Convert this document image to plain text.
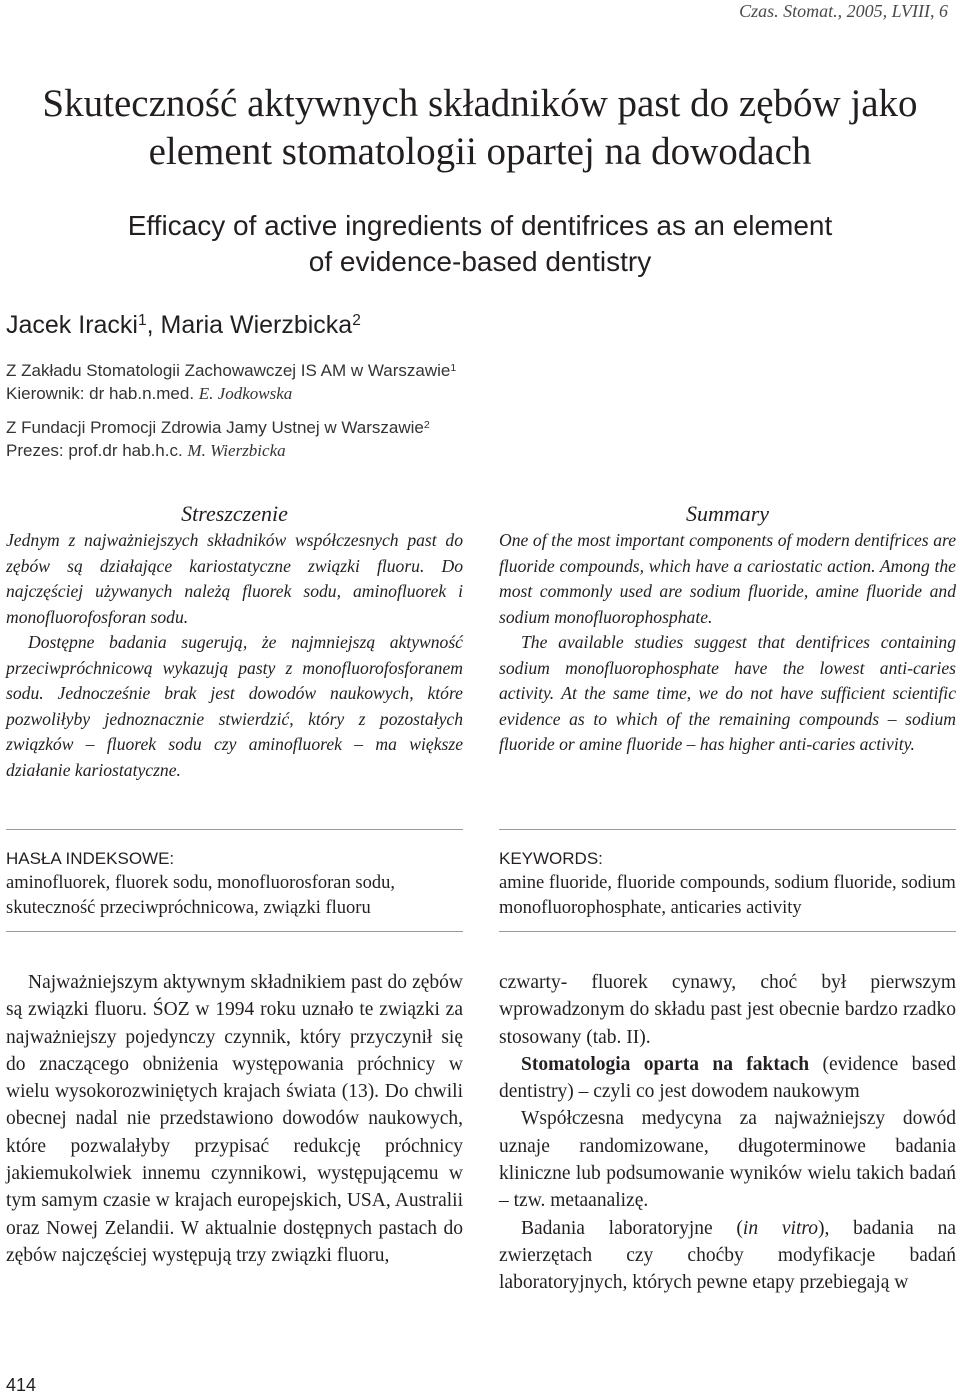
Czas. Stomat., 2005, LVIII, 6
Skuteczność aktywnych składników past do zębów jako
element stomatologii opartej na dowodach
Efficacy of active ingredients of dentifrices as an element
of evidence-based dentistry
Jacek Iracki$^1$, Maria Wierzbicka$^2$
Z Zakładu Stomatologii Zachowawczej IS AM w Warszawie$^1$
Kierownik: dr hab.n.med. E. Jodkowska
Z Fundacji Promocji Zdrowia Jamy Ustnej w Warszawie$^2$
Prezes: prof.dr hab.h.c. M. Wierzbicka
Streszczenie

Jednym z najważniejszych składników współczesnych past do zębów są działające kariostatyczne związki fluoru. Do najczęściej używanych należą fluorek sodu, aminofluorek i monofluorofosforan sodu.

Dostępne badania sugerują, że najmniejszą aktywność przeciwpróchnicową wykazują pasty z monofluorofosforanem sodu. Jednocześnie brak jest dowodów naukowych, które pozwoliłyby jednoznacznie stwierdzić, który z pozostałych związków – fluorek sodu czy aminofluorek – ma większe działanie kariostatyczne.

Summary

One of the most important components of modern dentifrices are fluoride compounds, which have a cariostatic action. Among the most commonly used are sodium fluoride, amine fluoride and sodium monofluorophosphate.

The available studies suggest that dentifrices containing sodium monofluorophosphate have the lowest anti-caries activity. At the same time, we do not have sufficient scientific evidence as to which of the remaining compounds – sodium fluoride or amine fluoride – has higher anti-caries activity.

HASŁA INDEKSOWE:
aminofluorek, fluorek sodu, monofluorosforan sodu, skuteczność przeciwpróchnicowa, związki fluoru
KEYWORDS:
amine fluoride, fluoride compounds, sodium fluoride, sodium monofluorophosphate, anticaries activity

Najważniejszym aktywnym składnikiem past do zębów są związki fluoru. ŚOZ w 1994 roku uznało te związki za najważniejszy pojedynczy czynnik, który przyczynił się do znaczącego obniżenia występowania próchnicy w wielu wysokorozwiniętych krajach świata (13). Do chwili obecnej nadal nie przedstawiono dowodów naukowych, które pozwalałyby przypisać redukcję próchnicy jakiemukolwiek innemu czynnikowi, występującemu w tym samym czasie w krajach europejskich, USA, Australii oraz Nowej Zelandii. W aktualnie dostępnych pastach do zębów najczęściej występują trzy związki fluoru,

czwarty- fluorek cynawy, choć był pierwszym wprowadzonym do składu past jest obecnie bardzo rzadko stosowany (tab. II).

Stomatologia oparta na faktach (evidence based dentistry) – czyli co jest dowodem naukowym

Współczesna medycyna za najważniejszy dowód uznaje randomizowane, długoterminowe badania kliniczne lub podsumowanie wyników wielu takich badań – tzw. metaanalizę.

Badania laboratoryjne (in vitro), badania na zwierzętach czy choćby modyfikacje badań laboratoryjnych, których pewne etapy przebiegają w

414
